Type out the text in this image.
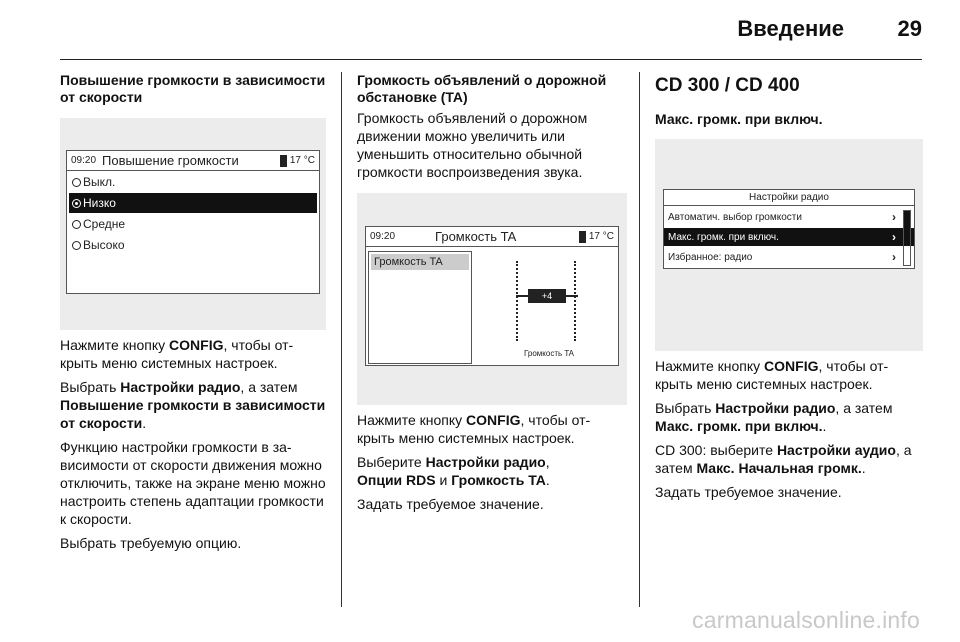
Введение 29
Повышение громкости в зависимости от скорости
09:20 Повышение громкости	17 °C
Выкл.
Низко
Средне
Высоко

Нажмите кнопку CONFIG, чтобы от-крыть меню системных настроек.

Выбрать Настройки радио, а затем Повышение громкости в зависимости от скорости.

Функцию настройки громкости в за-висимости от скорости движения можно отключить, также на экране меню можно настроить степень адаптации громкости к скорости.

Выбрать требуемую опцию.

Громкость объявлений о дорожной обстановке (TA)

Громкость объявлений о дорожном движении можно увеличить или уменьшить относительно обычной громкости воспроизведения звука.

09:20	Громкость TA	17 °C
Громкость TA
+4
Громкость TA

Нажмите кнопку CONFIG, чтобы от-крыть меню системных настроек.

Выберите Настройки радио,
Опции RDS и Громкость TA.

Задать требуемое значение.

CD 300 / CD 400
Макс. громк. при включ.
Настройки радио
Автоматич. выбор громкости	›
Макс. громк. при включ.	›
Избранное: радио	›

Нажмите кнопку CONFIG, чтобы от-крыть меню системных настроек.

Выбрать Настройки радио, а затем Макс. громк. при включ..

CD 300: выберите Настройки аудио, а затем Макс. Начальная громк..

Задать требуемое значение.

carmanualsonline.info
